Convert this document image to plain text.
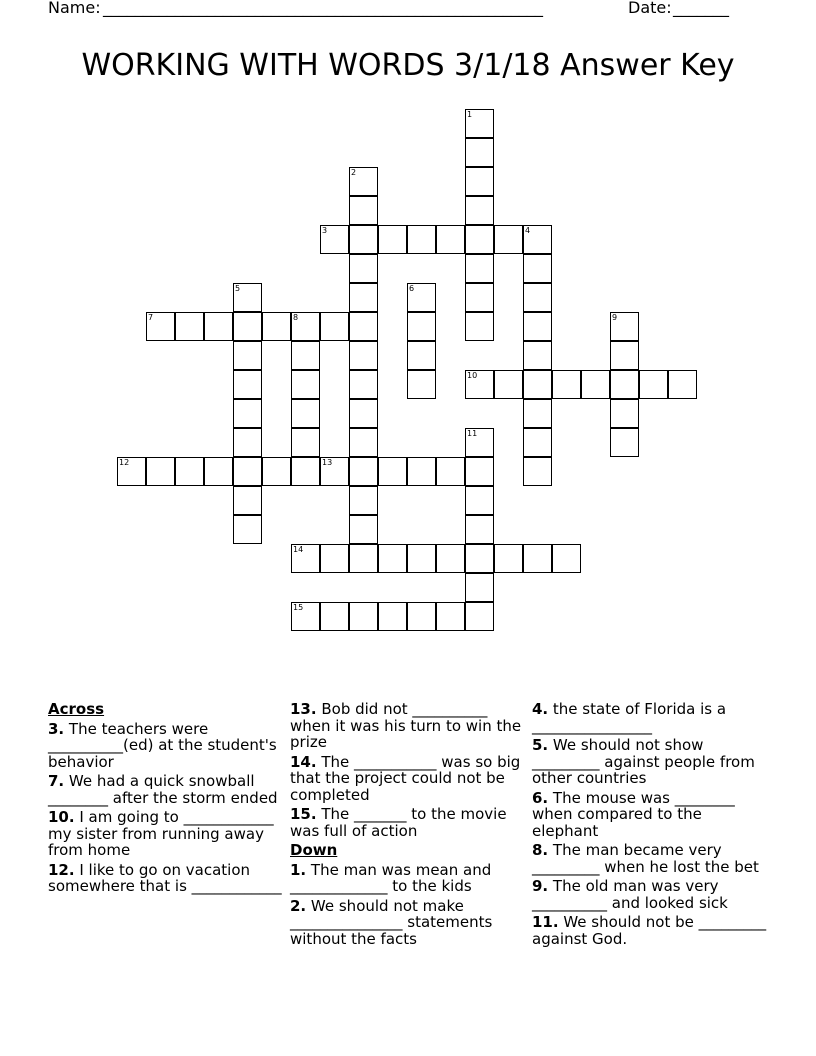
Name: _______________________________________________________	Date: _______
WORKING WITH WORDS 3/1/18 Answer Key
1
2
3	4
5	6
7	8	9
10
11
12	13
14
15
Across
3. The teachers were __________(ed) at the student's behavior
7. We had a quick snowball ________ after the storm ended
10. I am going to ____________ my sister from running away from home
12. I like to go on vacation somewhere that is ____________
13. Bob did not __________ when it was his turn to win the prize
14. The ___________ was so big that the project could not be completed
15. The _______ to the movie was full of action
Down
1. The man was mean and _____________ to the kids
2. We should not make _______________ statements without the facts
4. the state of Florida is a ________________
5. We should not show _________ against people from other countries
6. The mouse was ________ when compared to the elephant
8. The man became very _________ when he lost the bet
9. The old man was very __________ and looked sick
11. We should not be _________ against God.
